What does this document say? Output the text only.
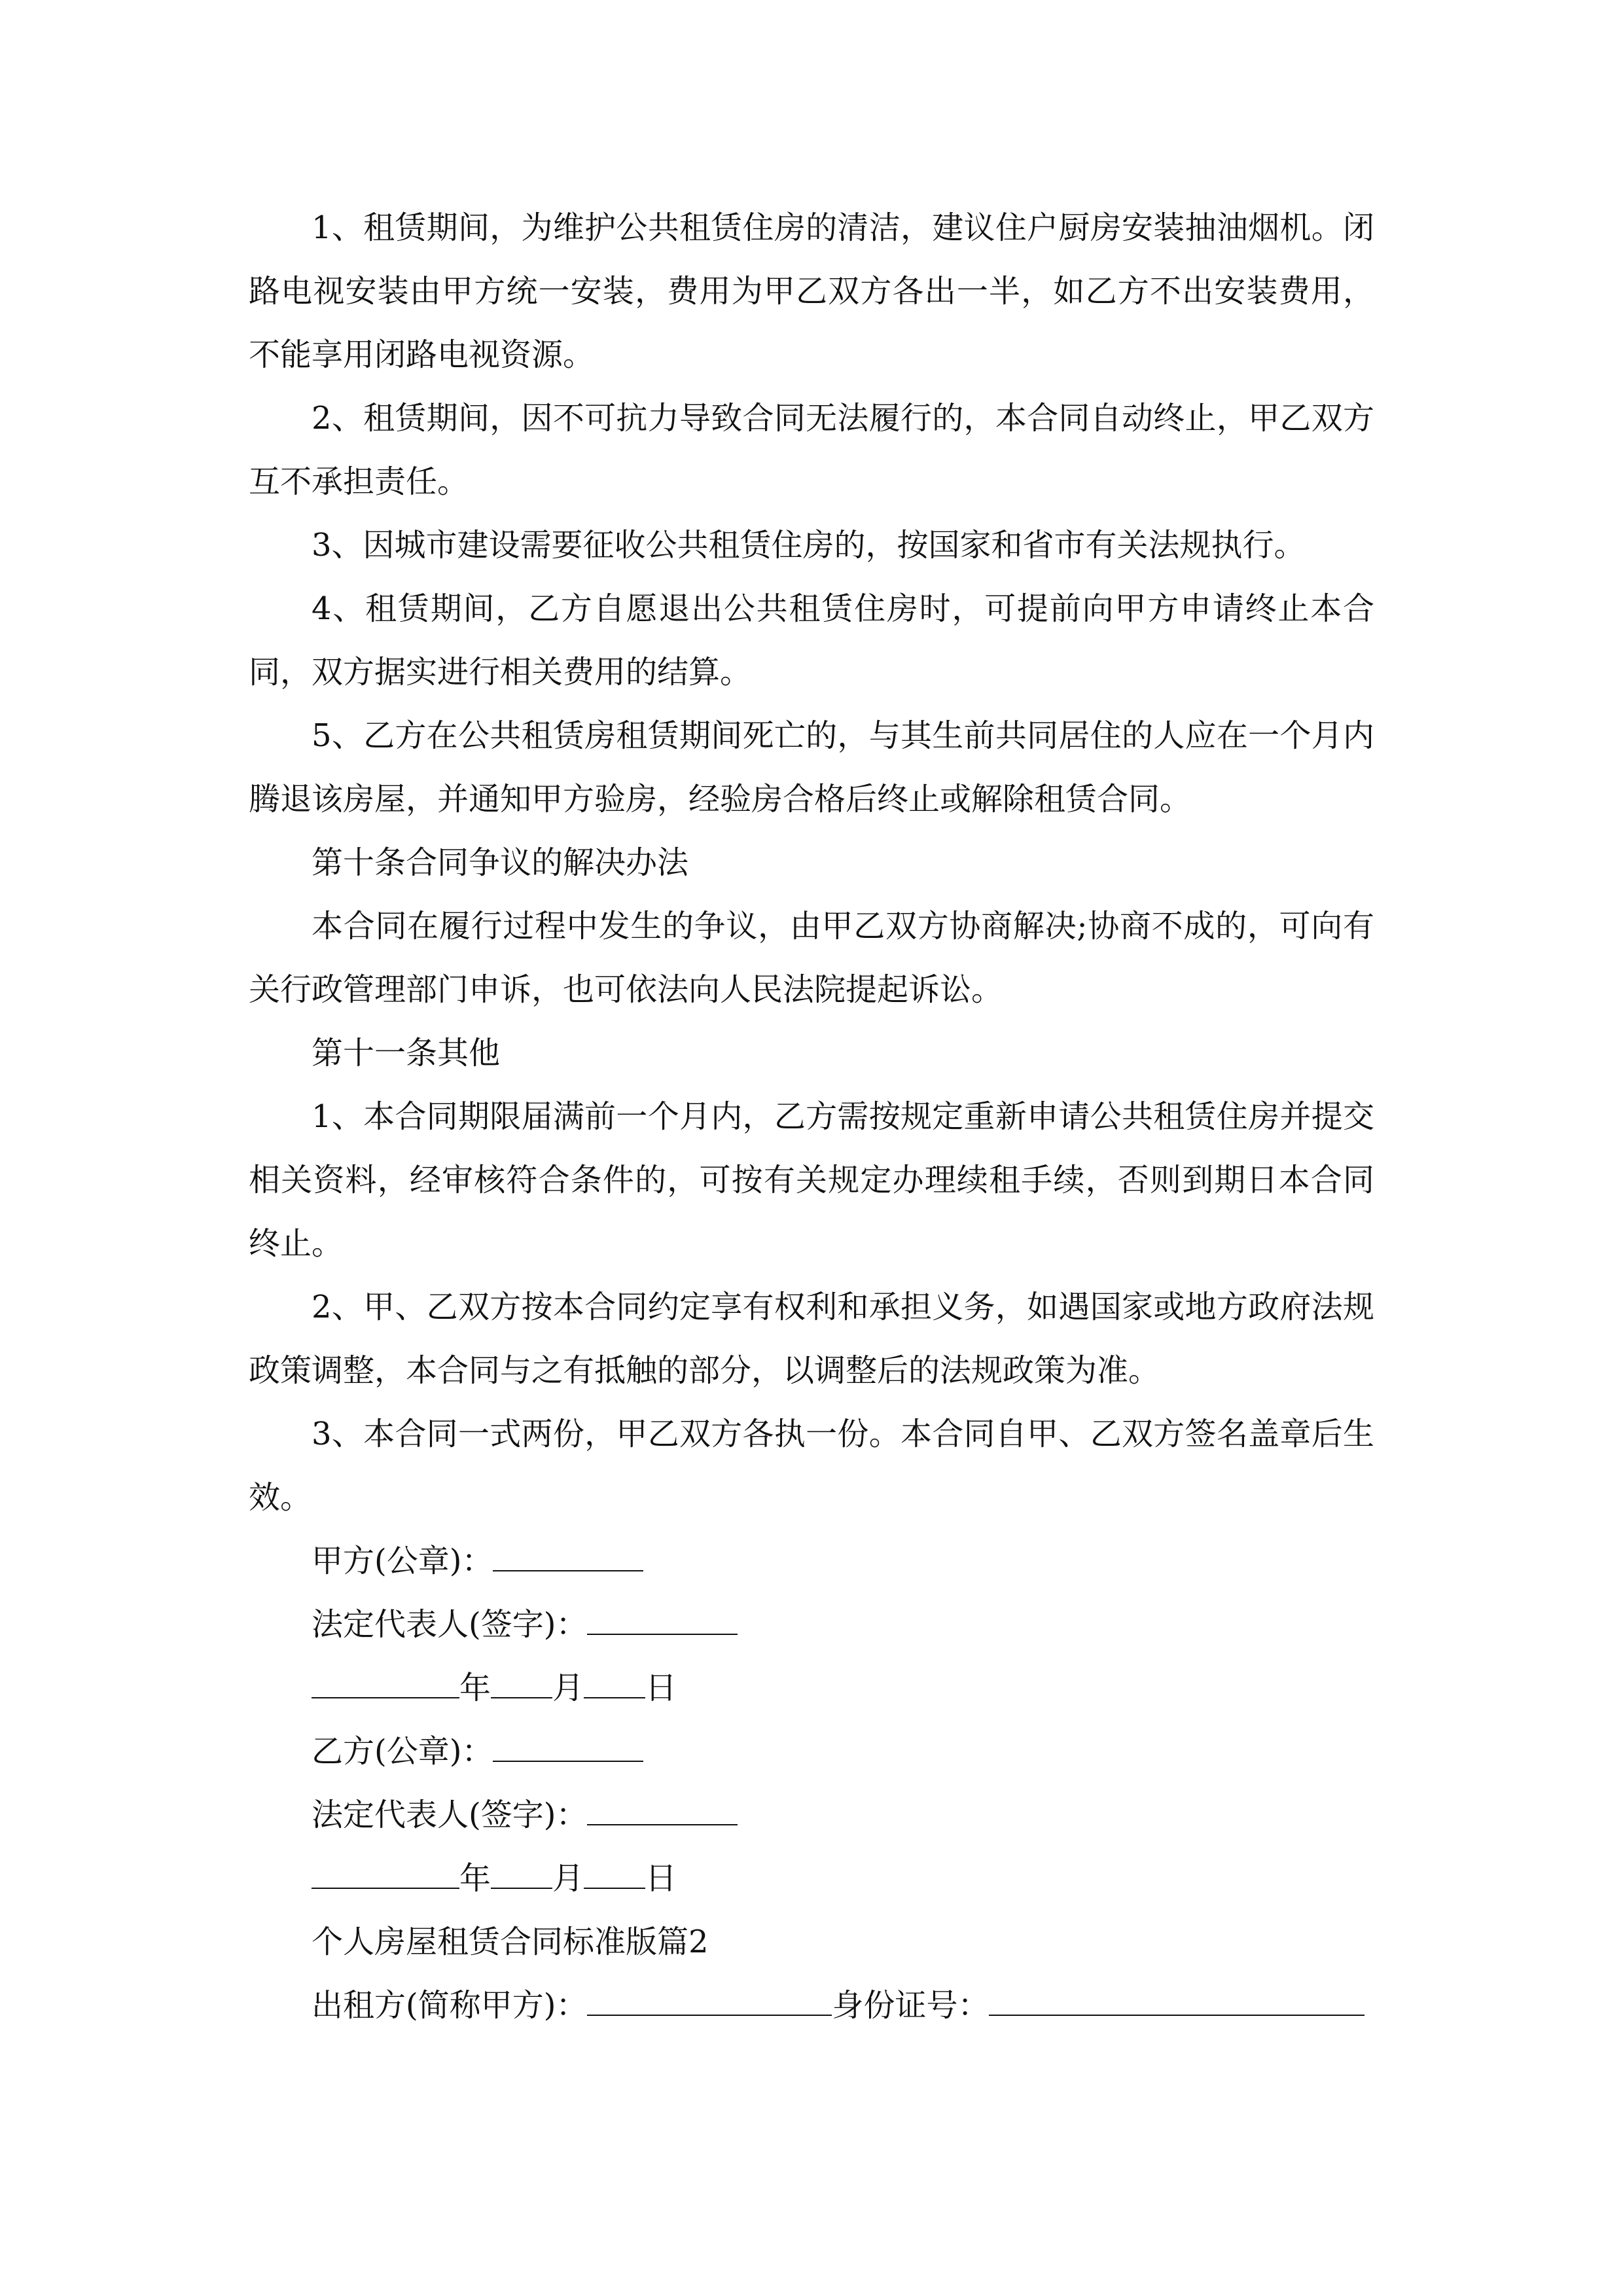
1、租赁期间，为维护公共租赁住房的清洁，建议住户厨房安装抽油烟机。闭路电视安装由甲方统一安装，费用为甲乙双方各出一半，如乙方不出安装费用，不能享用闭路电视资源。

2、租赁期间，因不可抗力导致合同无法履行的，本合同自动终止，甲乙双方互不承担责任。

3、因城市建设需要征收公共租赁住房的，按国家和省市有关法规执行。

4、租赁期间，乙方自愿退出公共租赁住房时，可提前向甲方申请终止本合同，双方据实进行相关费用的结算。

5、乙方在公共租赁房租赁期间死亡的，与其生前共同居住的人应在一个月内腾退该房屋，并通知甲方验房，经验房合格后终止或解除租赁合同。

第十条合同争议的解决办法

本合同在履行过程中发生的争议，由甲乙双方协商解决;协商不成的，可向有关行政管理部门申诉，也可依法向人民法院提起诉讼。

第十一条其他

1、本合同期限届满前一个月内，乙方需按规定重新申请公共租赁住房并提交相关资料，经审核符合条件的，可按有关规定办理续租手续，否则到期日本合同终止。

2、甲、乙双方按本合同约定享有权利和承担义务，如遇国家或地方政府法规政策调整，本合同与之有抵触的部分，以调整后的法规政策为准。

3、本合同一式两份，甲乙双方各执一份。本合同自甲、乙双方签名盖章后生效。

甲方(公章)：
法定代表人(签字)：
年 月 日
乙方(公章)：
法定代表人(签字)：
年 月 日
个人房屋租赁合同标准版篇2
出租方(简称甲方)：	身份证号：
